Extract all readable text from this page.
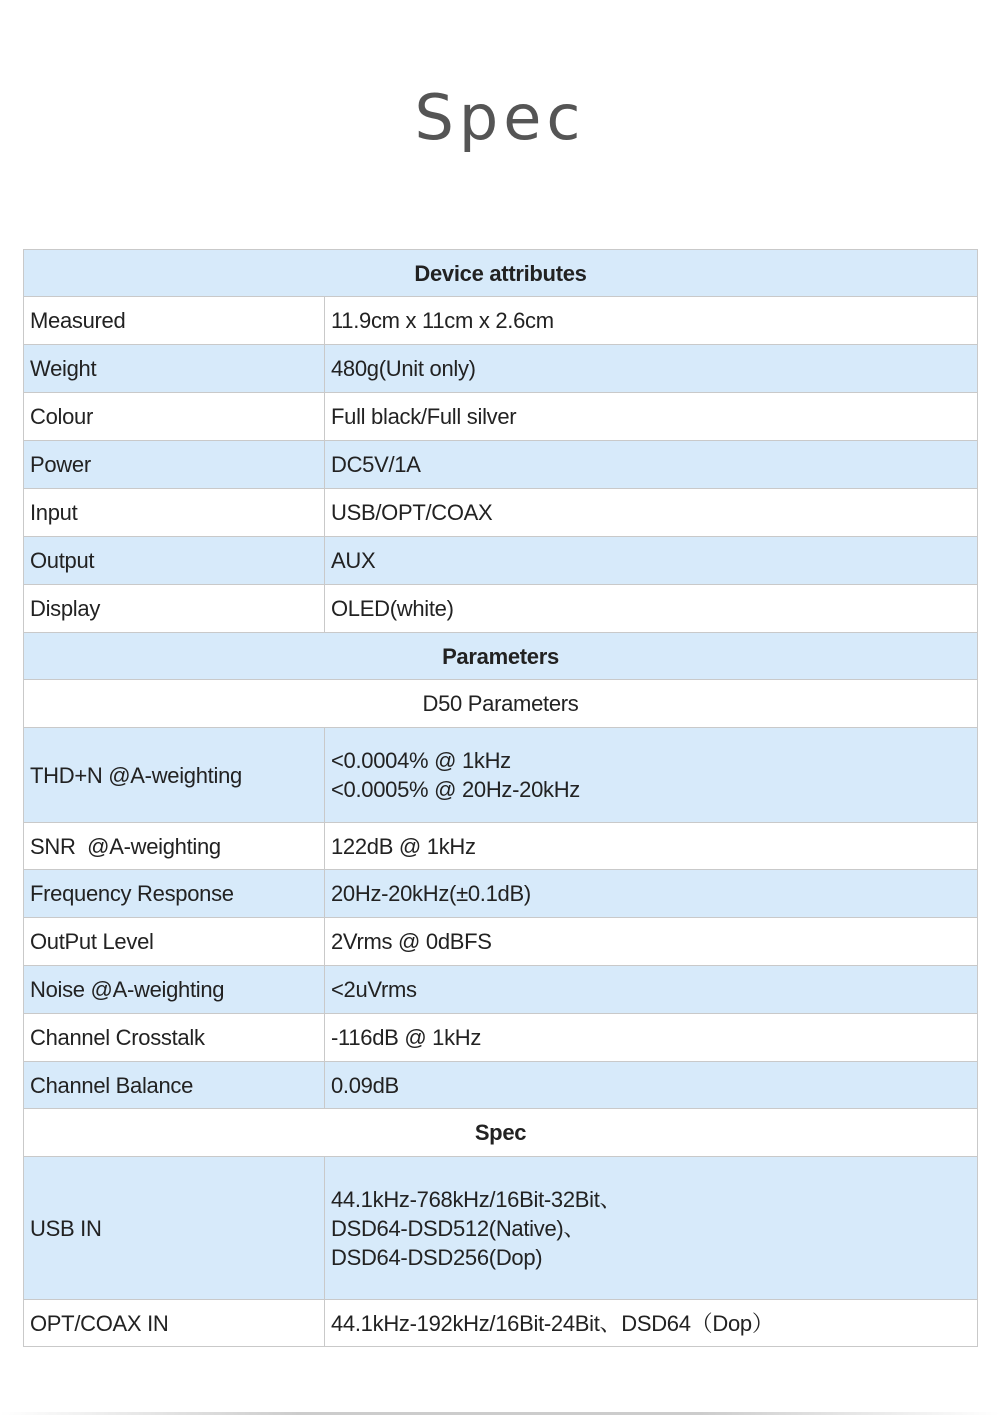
Spec
Device attributes	
Measured	11.9cm x 11cm x 2.6cm
Weight	480g(Unit only)
Colour	Full black/Full silver
Power	DC5V/1A
Input	USB/OPT/COAX
Output	AUX
Display	OLED(white)
Parameters	
D50 Parameters	
THD+N @A-weighting	<0.0004% @ 1kHz
<0.0005% @ 20Hz-20kHz

SNR  @A-weighting	122dB @ 1kHz
Frequency Response	20Hz-20kHz(±0.1dB)
OutPut Level	2Vrms @ 0dBFS
Noise @A-weighting	<2uVrms
Channel Crosstalk	-116dB @ 1kHz
Channel Balance	0.09dB
Spec	
USB IN	44.1kHz-768kHz/16Bit-32Bit、
DSD64-DSD512(Native)、
DSD64-DSD256(Dop)

OPT/COAX IN	44.1kHz-192kHz/16Bit-24Bit、DSD64（Dop）
